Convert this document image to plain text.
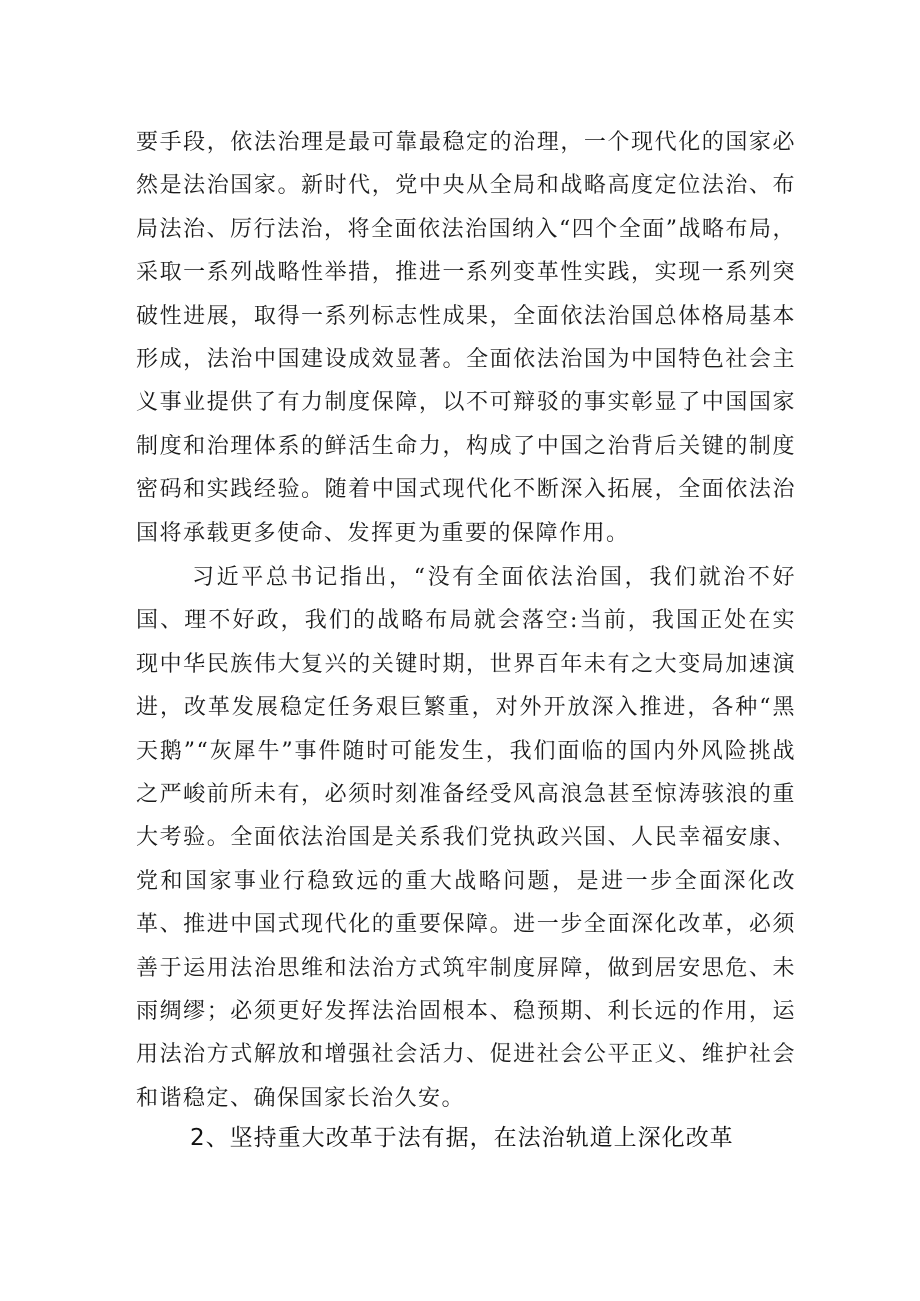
要手段，依法治理是最可靠最稳定的治理，一个现代化的国家必然是法治国家。新时代，党中央从全局和战略高度定位法治、布局法治、厉行法治，将全面依法治国纳入“四个全面”战略布局，采取一系列战略性举措，推进一系列变革性实践，实现一系列突破性进展，取得一系列标志性成果，全面依法治国总体格局基本形成，法治中国建设成效显著。全面依法治国为中国特色社会主义事业提供了有力制度保障，以不可辩驳的事实彰显了中国国家制度和治理体系的鲜活生命力，构成了中国之治背后关键的制度密码和实践经验。随着中国式现代化不断深入拓展，全面依法治国将承载更多使命、发挥更为重要的保障作用。
习近平总书记指出，“没有全面依法治国，我们就治不好国、理不好政，我们的战略布局就会落空:当前，我国正处在实现中华民族伟大复兴的关键时期，世界百年未有之大变局加速演进，改革发展稳定任务艰巨繁重，对外开放深入推进，各种“黑天鹅”“灰犀牛”事件随时可能发生，我们面临的国内外风险挑战之严峻前所未有，必须时刻准备经受风高浪急甚至惊涛骇浪的重大考验。全面依法治国是关系我们党执政兴国、人民幸福安康、党和国家事业行稳致远的重大战略问题，是进一步全面深化改革、推进中国式现代化的重要保障。进一步全面深化改革，必须善于运用法治思维和法治方式筑牢制度屏障，做到居安思危、未雨绸缪；必须更好发挥法治固根本、稳预期、利长远的作用，运用法治方式解放和增强社会活力、促进社会公平正义、维护社会和谐稳定、确保国家长治久安。
2、坚持重大改革于法有据，在法治轨道上深化改革
